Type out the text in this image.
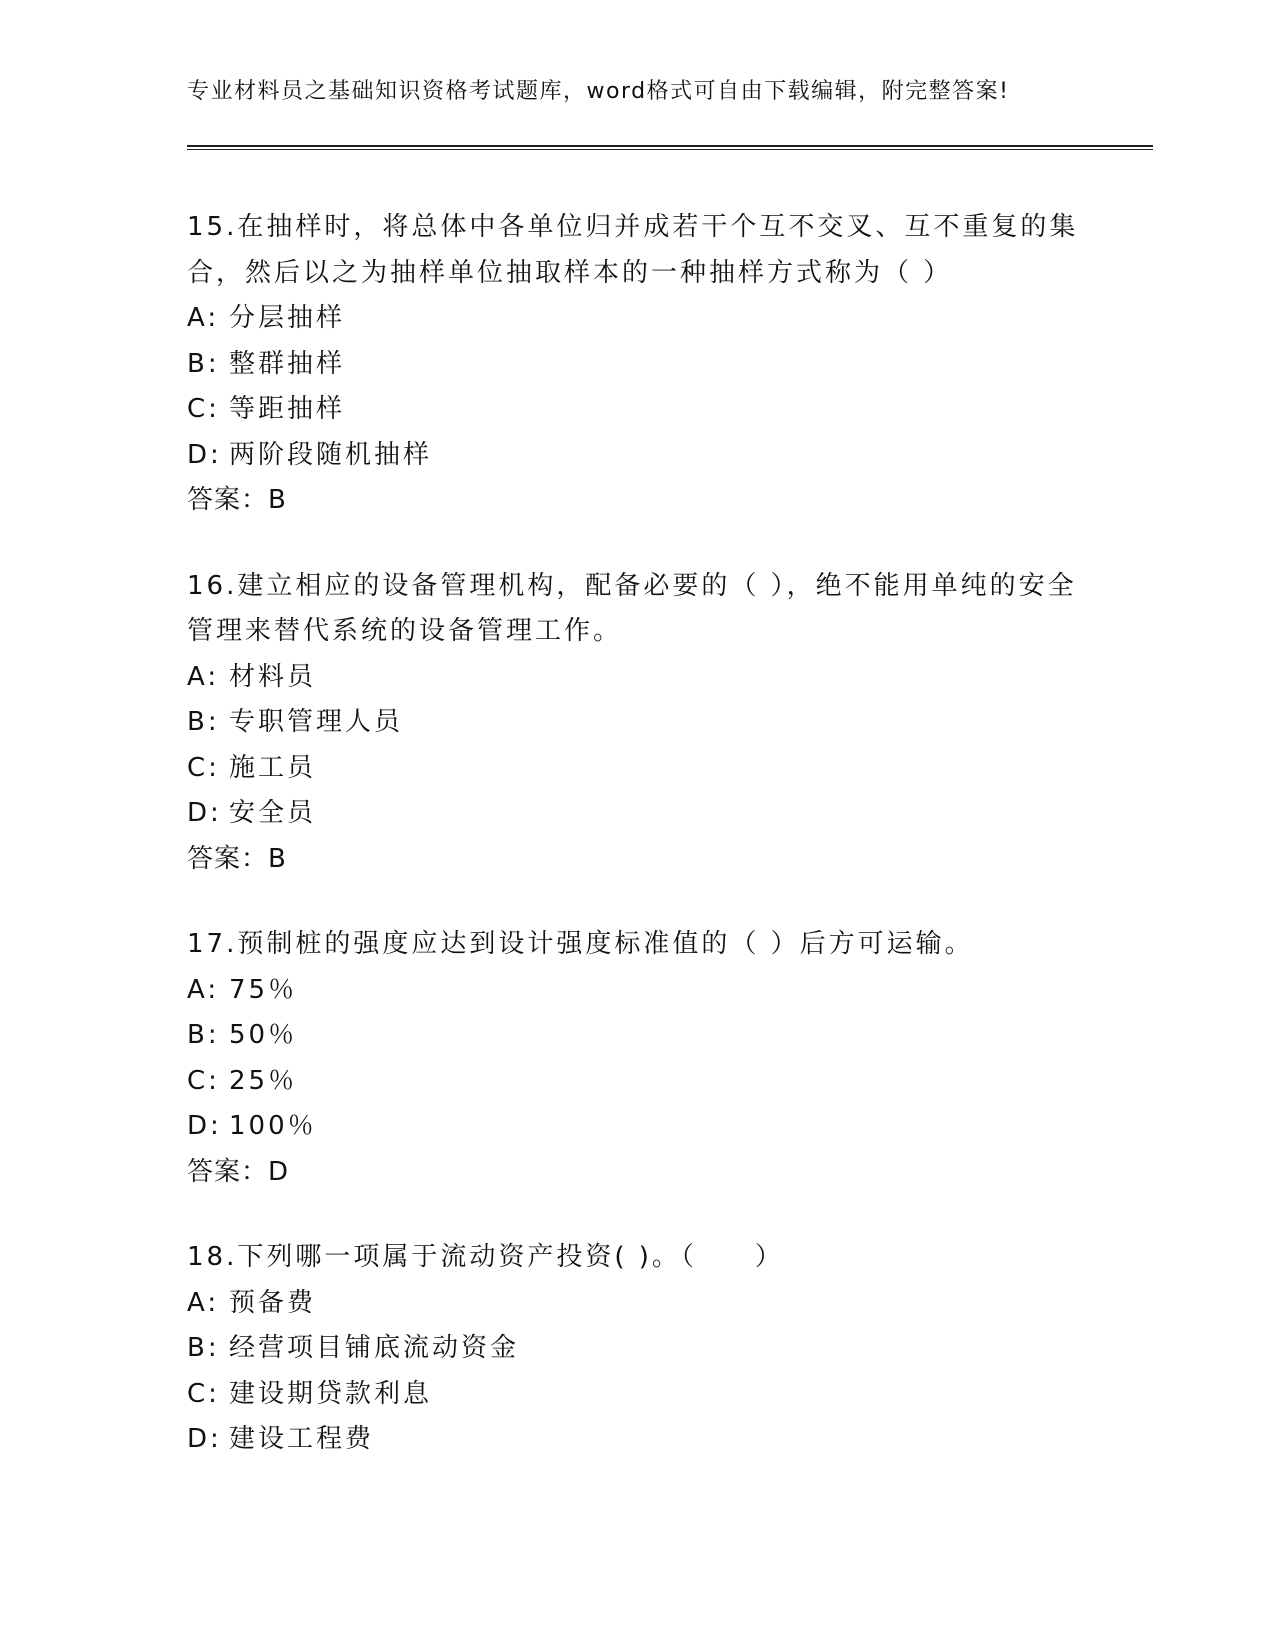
专业材料员之基础知识资格考试题库，word格式可自由下载编辑，附完整答案!

15.在抽样时，将总体中各单位归并成若干个互不交叉、互不重复的集合，然后以之为抽样单位抽取样本的一种抽样方式称为（ ）

A: 分层抽样

B: 整群抽样

C: 等距抽样

D: 两阶段随机抽样

答案：B

16.建立相应的设备管理机构，配备必要的（ ），绝不能用单纯的安全管理来替代系统的设备管理工作。

A: 材料员

B: 专职管理人员

C: 施工员

D: 安全员

答案：B

17.预制桩的强度应达到设计强度标准值的（ ）后方可运输。

A: 75％

B: 50％

C: 25％

D: 100％

答案：D

18.下列哪一项属于流动资产投资( )。（　　）

A: 预备费

B: 经营项目铺底流动资金

C: 建设期贷款利息

D: 建设工程费
